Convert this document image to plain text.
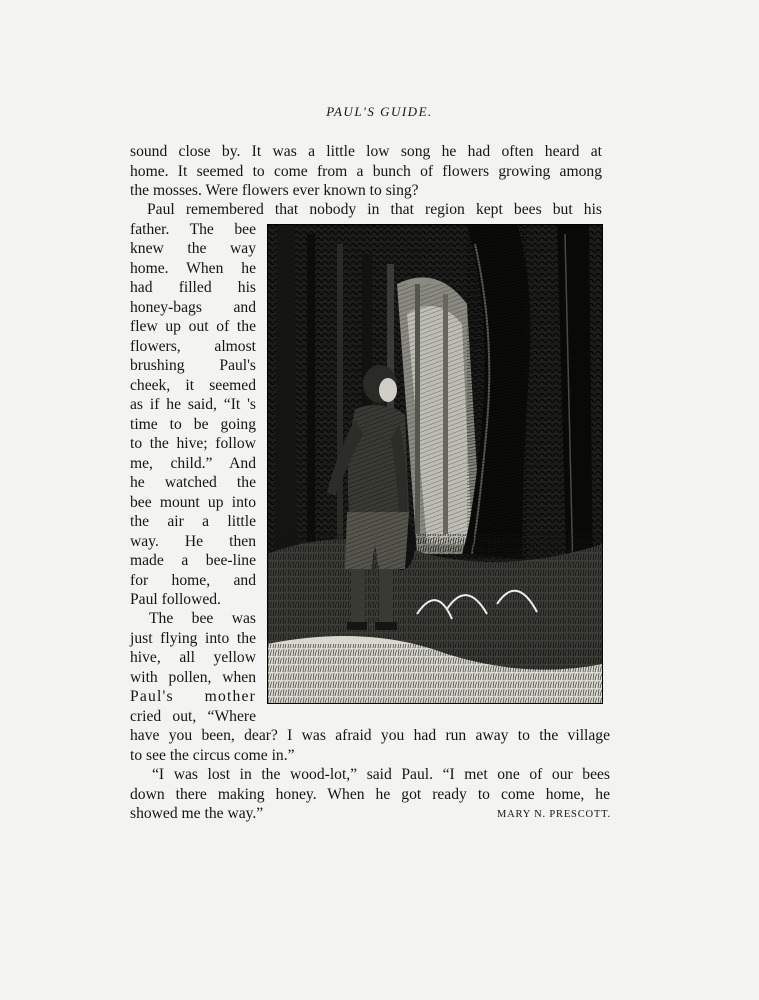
PAUL'S GUIDE.
sound close by. It was a little low song he had often heard at
home. It seemed to come from a bunch of flowers growing among
the mosses. Were flowers ever known to sing?
Paul remembered that nobody in that region kept bees but his
father. The bee
knew the way
home. When he
had filled his
honey-bags and
flew up out of the
flowers, almost
brushing Paul's
cheek, it seemed
as if he said, “It 's
time to be going
to the hive; follow
me, child.” And
he watched the
bee mount up into
the air a little
way. He then
made a bee-line
for home, and
Paul followed.
The bee was
just flying into the
hive, all yellow
with pollen, when
Paul's mother
cried out, “Where
have you been, dear? I was afraid you had run away to the village
to see the circus come in.”
“I was lost in the wood-lot,” said Paul. “I met one of our bees
down there making honey. When he got ready to come home, he
showed me the way.”	MARY N. PRESCOTT.
